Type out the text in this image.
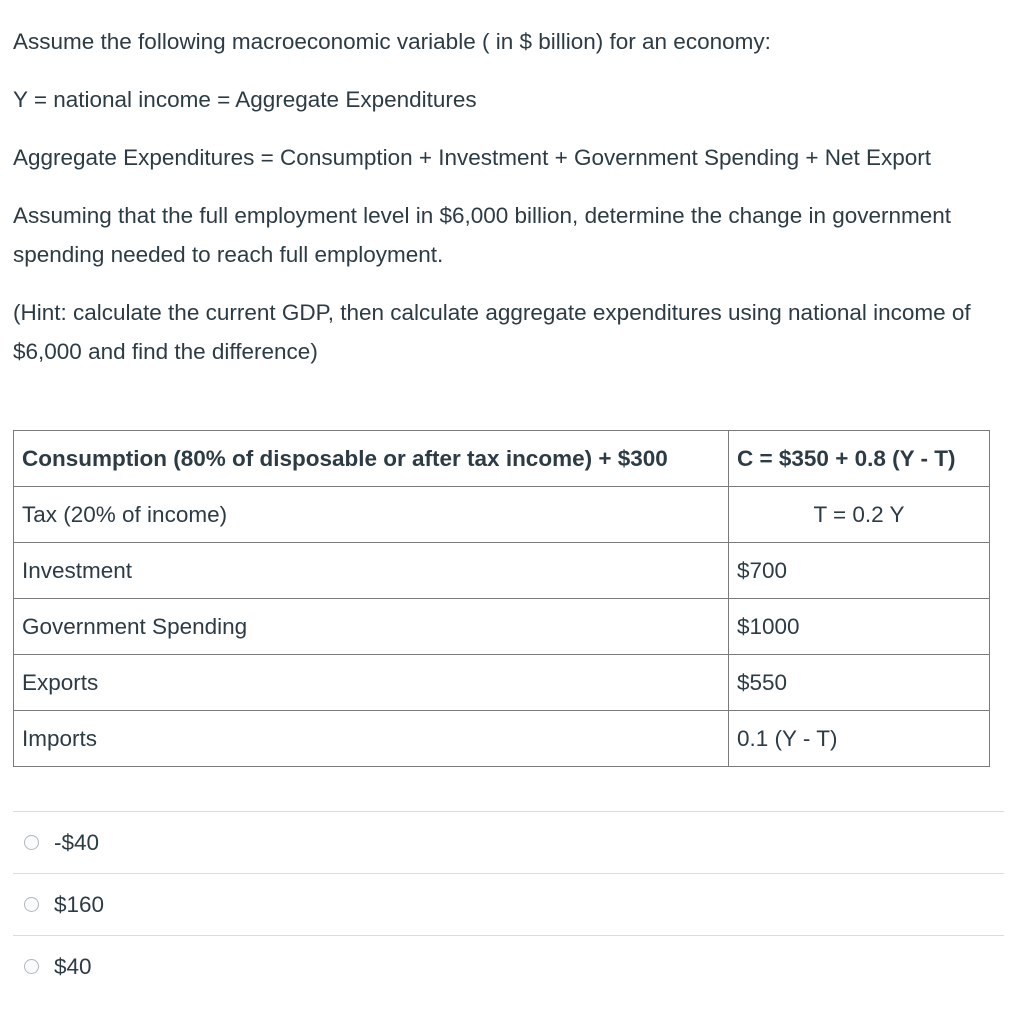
Assume the following macroeconomic variable ( in $ billion) for an economy:

Y = national income = Aggregate Expenditures

Aggregate Expenditures = Consumption + Investment + Government Spending + Net Export

Assuming that the full employment level in $6,000 billion, determine the change in government spending needed to reach full employment.

(Hint: calculate the current GDP, then calculate aggregate expenditures using national income of $6,000 and find the difference)

Consumption (80% of disposable or after tax income) + $300	C = $350 + 0.8 (Y - T)
Tax (20% of income)	T = 0.2 Y
Investment	$700
Government Spending	$1000
Exports	$550
Imports	0.1 (Y - T)
-$40
$160
$40
